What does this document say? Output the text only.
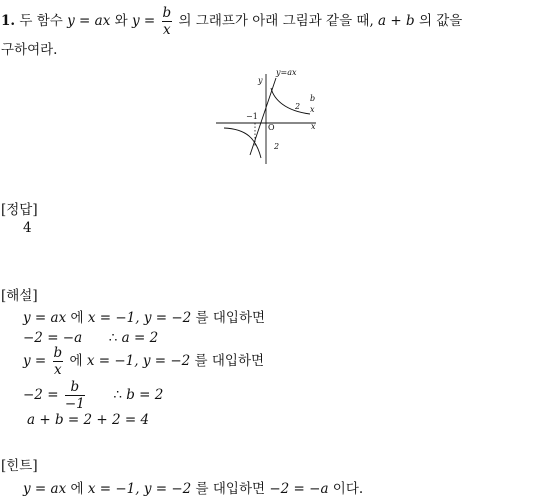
1. 두 함수 y = ax 와 $y = \frac{b}{x}$ 의 그래프가 아래 그림과 같을 때, a + b 의 값을
구하여라.
y
y=ax
b
x
x
O
−1
2
2
[정답]
4
[해설]
y = ax 에 x = −1, y = −2 를 대입하면
−2 = −a ∴ a = 2
$y = \frac{b}{x}$ 에 x = −1, y = −2 를 대입하면
$-2 = \frac{b}{-1}$ ∴ b = 2
a + b = 2 + 2 = 4
[힌트]
y = ax 에 x = −1, y = −2 를 대입하면 −2 = −a 이다.
